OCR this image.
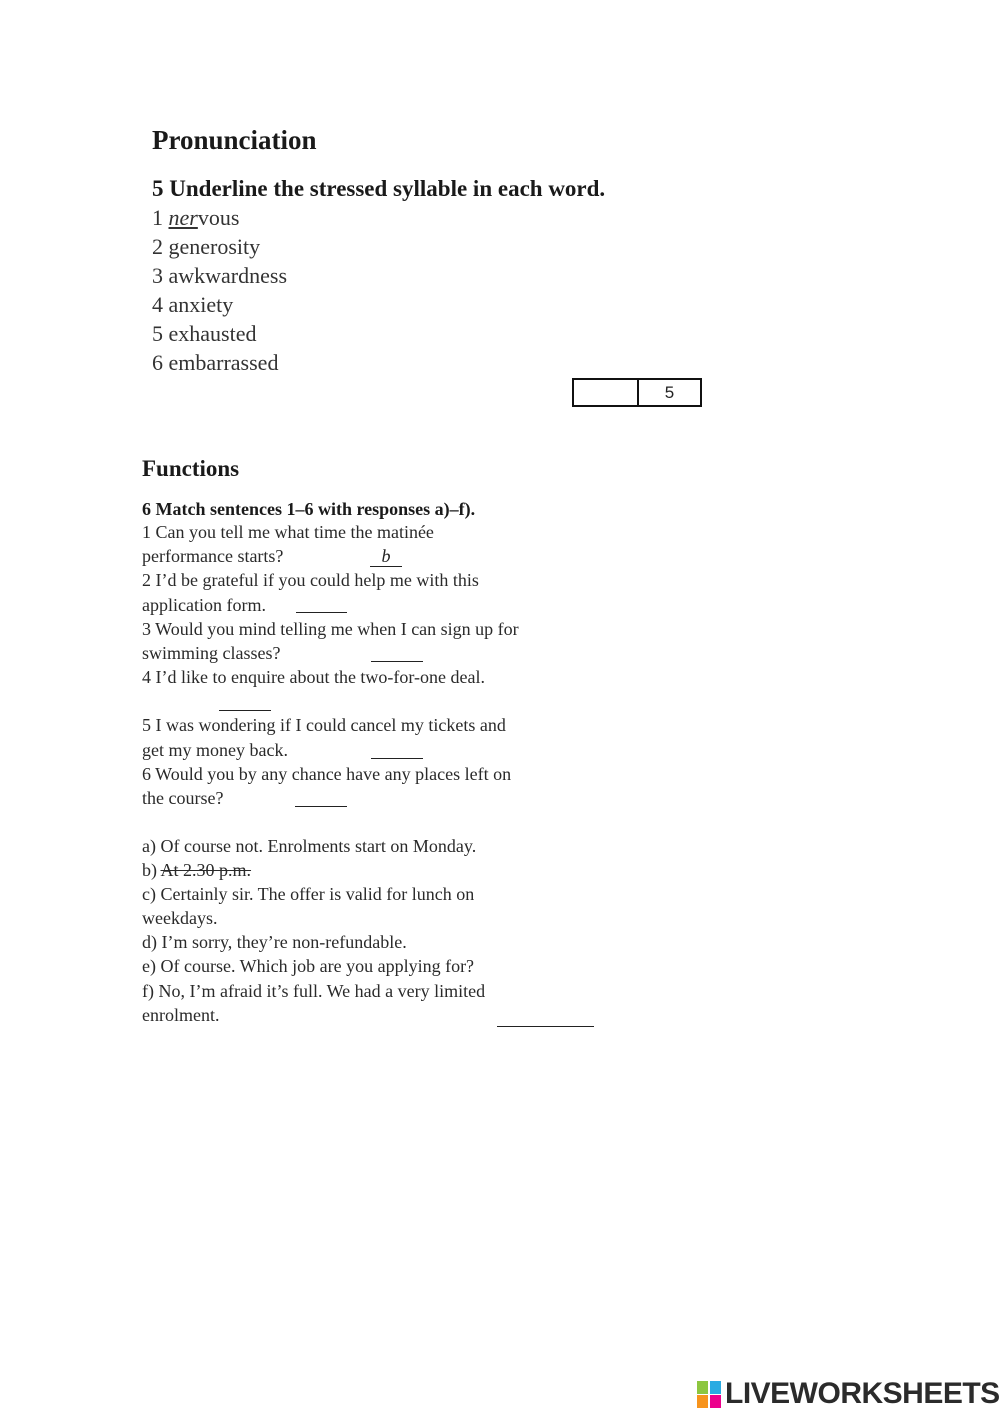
Pronunciation
5 Underline the stressed syllable in each word.
1 nervous
2 generosity
3 awkwardness
4 anxiety
5 exhausted
6 embarrassed
5
Functions
6 Match sentences 1–6 with responses a)–f).
1 Can you tell me what time the matinée
performance starts?	b
2 I’d be grateful if you could help me with this
application form.
3 Would you mind telling me when I can sign up for
swimming classes?
4 I’d like to enquire about the two-for-one deal.
5 I was wondering if I could cancel my tickets and
get my money back.
6 Would you by any chance have any places left on
the course?
a) Of course not. Enrolments start on Monday.
b) At 2.30 p.m.
c) Certainly sir. The offer is valid for lunch on
weekdays.
d) I’m sorry, they’re non-refundable.
e) Of course. Which job are you applying for?
f) No, I’m afraid it’s full. We had a very limited
enrolment.
LIVEWORKSHEETS
